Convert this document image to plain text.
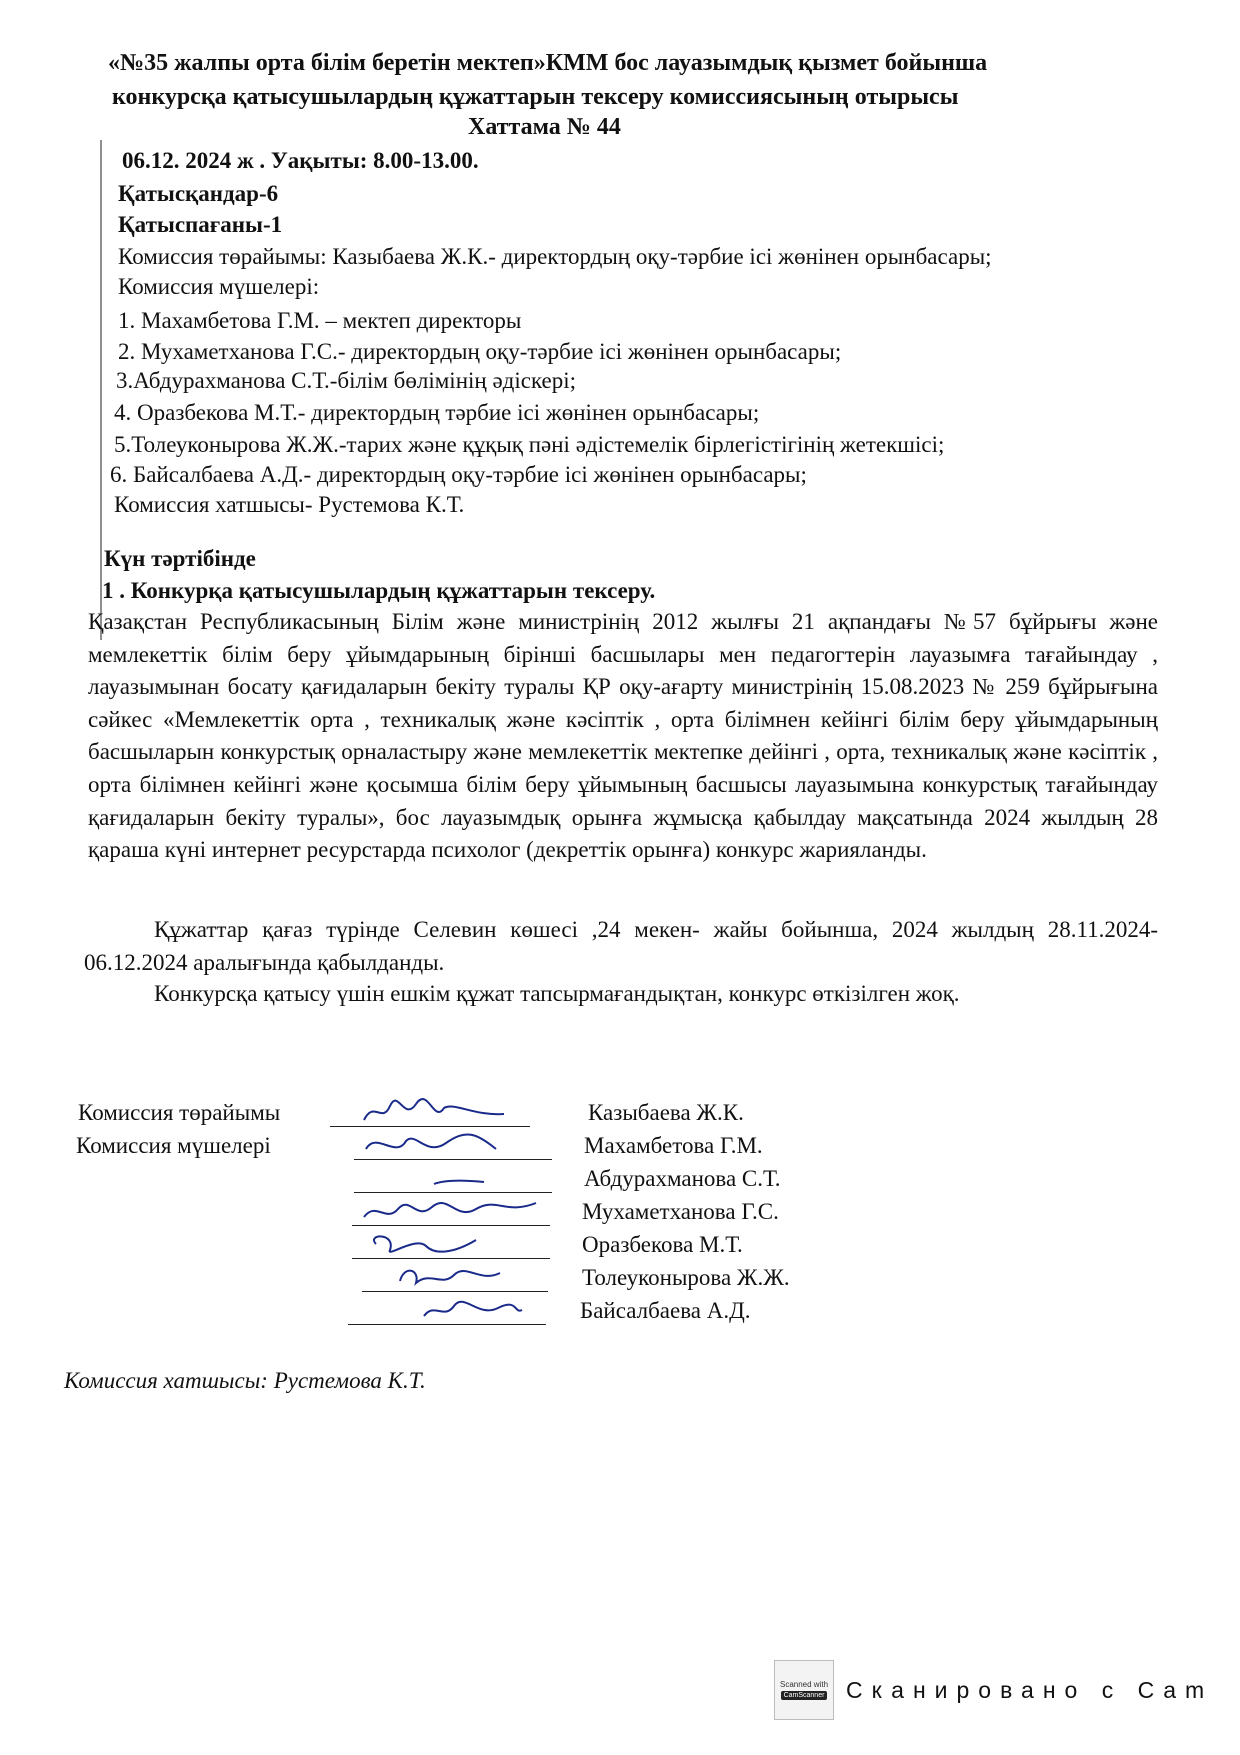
«№35 жалпы орта білім беретін мектеп»КММ бос лауазымдық қызмет бойынша
конкурсқа қатысушылардың құжаттарын тексеру комиссиясының отырысы
Хаттама № 44
06.12. 2024 ж . Уақыты: 8.00-13.00.
Қатысқандар-6
Қатыспағаны-1
Комиссия төрайымы: Казыбаева Ж.К.- директордың оқу-тәрбие ісі жөнінен орынбасары;
Комиссия мүшелері:
1. Махамбетова Г.М. – мектеп директоры
2. Мухаметханова Г.С.- директордың оқу-тәрбие ісі жөнінен орынбасары;
3.Абдурахманова С.Т.-білім бөлімінің әдіскері;
4. Оразбекова М.Т.- директордың тәрбие ісі жөнінен орынбасары;
5.Толеуконырова Ж.Ж.-тарих және құқық пәні әдістемелік бірлегістігінің жетекшісі;
6. Байсалбаева А.Д.- директордың оқу-тәрбие ісі жөнінен орынбасары;
Комиссия хатшысы- Рустемова К.Т.
Күн тәртібінде
1 . Конкурқа қатысушылардың құжаттарын тексеру.
Қазақстан Республикасының Білім және министрінің 2012 жылғы 21 ақпандағы №57 бұйрығы және мемлекеттік білім беру ұйымдарының бірінші басшылары мен педагогтерін лауазымға тағайындау , лауазымынан босату қағидаларын бекіту туралы ҚР оқу-ағарту министрінің 15.08.2023 № 259 бұйрығына сәйкес «Мемлекеттік орта , техникалық және кәсіптік , орта білімнен кейінгі білім беру ұйымдарының басшыларын конкурстық орналастыру және мемлекеттік мектепке дейінгі , орта, техникалық және кәсіптік , орта білімнен кейінгі және қосымша білім беру ұйымының басшысы лауазымына конкурстық тағайындау қағидаларын бекіту туралы», бос лауазымдық орынға жұмысқа қабылдау мақсатында 2024 жылдың 28 қараша күні интернет ресурстарда психолог (декреттік орынға) конкурс жарияланды.
Құжаттар қағаз түрінде Селевин көшесі ,24 мекен- жайы бойынша, 2024 жылдың 28.11.2024- 06.12.2024 аралығында қабылданды.
Конкурсқа қатысу үшін ешкім құжат тапсырмағандықтан, конкурс өткізілген жоқ.
Комиссия төрайымы	Казыбаева Ж.К.
Комиссия мүшелері	Махамбетова Г.М.
Абдурахманова С.Т.
Мухаметханова Г.С.
Оразбекова М.Т.
Толеуконырова Ж.Ж.
Байсалбаева А.Д.
Комиссия хатшысы: Рустемова К.Т.
Scanned with
CamScanner Сканировано с Cam
